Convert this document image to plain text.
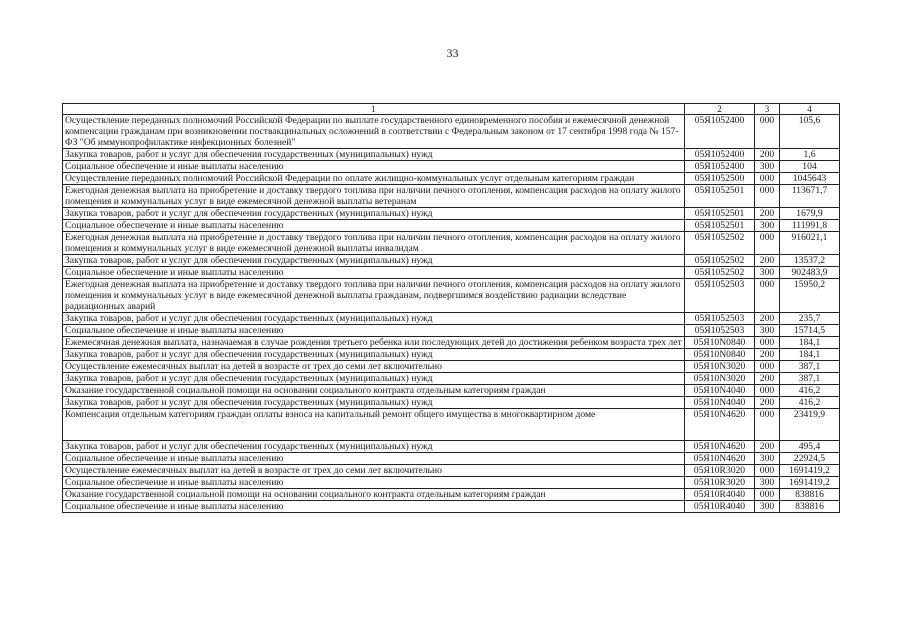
33
1	2	3	4
Осуществление переданных полномочий Российской Федерации по выплате государственного единовременного пособия и ежемесячной денежной компенсации гражданам при возникновении поствакцинальных осложнений в соответствии с Федеральным законом от 17 сентября 1998 года № 157-ФЗ "Об иммунопрофилактике инфекционных болезней"	05Я1052400	000	105,6
Закупка товаров, работ и услуг для обеспечения государственных (муниципальных) нужд	05Я1052400	200	1,6
Социальное обеспечение и иные выплаты населению	05Я1052400	300	104
Осуществление переданных полномочий Российской Федерации по оплате жилищно-коммунальных услуг отдельным категориям граждан	05Я1052500	000	1045643
Ежегодная денежная выплата на приобретение и доставку твердого топлива при наличии печного отопления, компенсация расходов на оплату жилого помещения и коммунальных услуг в виде ежемесячной денежной выплаты ветеранам	05Я1052501	000	113671,7
Закупка товаров, работ и услуг для обеспечения государственных (муниципальных) нужд	05Я1052501	200	1679,9
Социальное обеспечение и иные выплаты населению	05Я1052501	300	111991,8
Ежегодная денежная выплата на приобретение и доставку твердого топлива при наличии печного отопления, компенсация расходов на оплату жилого помещения и коммунальных услуг в виде ежемесячной денежной выплаты инвалидам	05Я1052502	000	916021,1
Закупка товаров, работ и услуг для обеспечения государственных (муниципальных) нужд	05Я1052502	200	13537,2
Социальное обеспечение и иные выплаты населению	05Я1052502	300	902483,9
Ежегодная денежная выплата на приобретение и доставку твердого топлива при наличии печного отопления, компенсация расходов на оплату жилого помещения и коммунальных услуг в виде ежемесячной денежной выплаты гражданам, подвергшимся воздействию радиации вследствие радиационных аварий	05Я1052503	000	15950,2
Закупка товаров, работ и услуг для обеспечения государственных (муниципальных) нужд	05Я1052503	200	235,7
Социальное обеспечение и иные выплаты населению	05Я1052503	300	15714,5
Ежемесячная денежная выплата, назначаемая в случае рождения третьего ребенка или последующих детей до достижения ребенком возраста трех лет	05Я10N0840	000	184,1
Закупка товаров, работ и услуг для обеспечения государственных (муниципальных) нужд	05Я10N0840	200	184,1
Осуществление ежемесячных выплат на детей в возрасте от трех до семи лет включительно	05Я10N3020	000	387,1
Закупка товаров, работ и услуг для обеспечения государственных (муниципальных) нужд	05Я10N3020	200	387,1
Оказание государственной социальной помощи на основании социального контракта отдельным категориям граждан	05Я10N4040	000	416,2
Закупка товаров, работ и услуг для обеспечения государственных (муниципальных) нужд	05Я10N4040	200	416,2
Компенсация отдельным категориям граждан оплаты взноса на капитальный ремонт общего имущества в многоквартирном доме	05Я10N4620	000	23419,9
Закупка товаров, работ и услуг для обеспечения государственных (муниципальных) нужд	05Я10N4620	200	495,4
Социальное обеспечение и иные выплаты населению	05Я10N4620	300	22924,5
Осуществление ежемесячных выплат на детей в возрасте от трех до семи лет включительно	05Я10R3020	000	1691419,2
Социальное обеспечение и иные выплаты населению	05Я10R3020	300	1691419,2
Оказание государственной социальной помощи на основании социального контракта отдельным категориям граждан	05Я10R4040	000	838816
Социальное обеспечение и иные выплаты населению	05Я10R4040	300	838816
